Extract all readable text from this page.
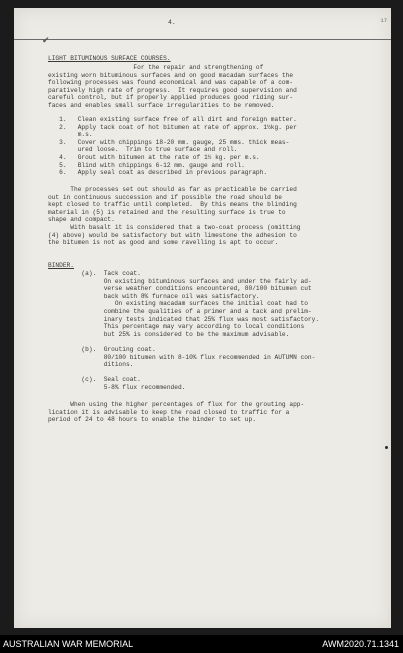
4.	17
✔
LIGHT BITUMINOUS SURFACE COURSES.
For the repair and strengthening of
existing worn bituminous surfaces and on good macadam surfaces the
following processes was found economical and was capable of a com-
paratively high rate of progress.  It requires good supervision and
careful control, but if properly applied produces good riding sur-
faces and enables small surface irregularities to be removed.
1.   Clean existing surface free of all dirt and foreign matter.
2.   Apply tack coat of hot bitumen at rate of approx. 1½kg. per
m.s.
3.   Cover with chippings 18-20 mm. gauge, 25 mms. thick meas-
ured loose.  Trim to true surface and roll.
4.   Grout with bitumen at the rate of 1½ kg. per m.s.
5.   Blind with chippings 6-12 mm. gauge and roll.
6.   Apply seal coat as described in previous paragraph.
The processes set out should as far as practicable be carried
out in continuous succession and if possible the road should be
kept closed to traffic until completed.  By this means the blinding
material in (5) is retained and the resulting surface is true to
shape and compact.
With basalt it is considered that a two-coat process (omitting
(4) above) would be satisfactory but with limestone the adhesion to
the bitumen is not as good and some ravelling is apt to occur.
BINDER.
(a).  Tack coat.
On existing bituminous surfaces and under the fairly ad-
verse weather conditions encountered, 80/100 bitumen cut
back with 8% furnace oil was satisfactory.
On existing macadam surfaces the initial coat had to
combine the qualities of a primer and a tack and prelim-
inary tests indicated that 25% flux was most satisfactory.
This percentage may vary according to local conditions
but 25% is considered to be the maximum advisable.

(b).  Grouting coat.
80/100 bitumen with 8-10% flux recommended in AUTUMN con-
ditions.

(c).  Seal coat.
5-8% flux recommended.
When using the higher percentages of flux for the grouting app-
lication it is advisable to keep the road closed to traffic for a
period of 24 to 48 hours to enable the binder to set up.
AUSTRALIAN WAR MEMORIAL	AWM2020.71.1341
